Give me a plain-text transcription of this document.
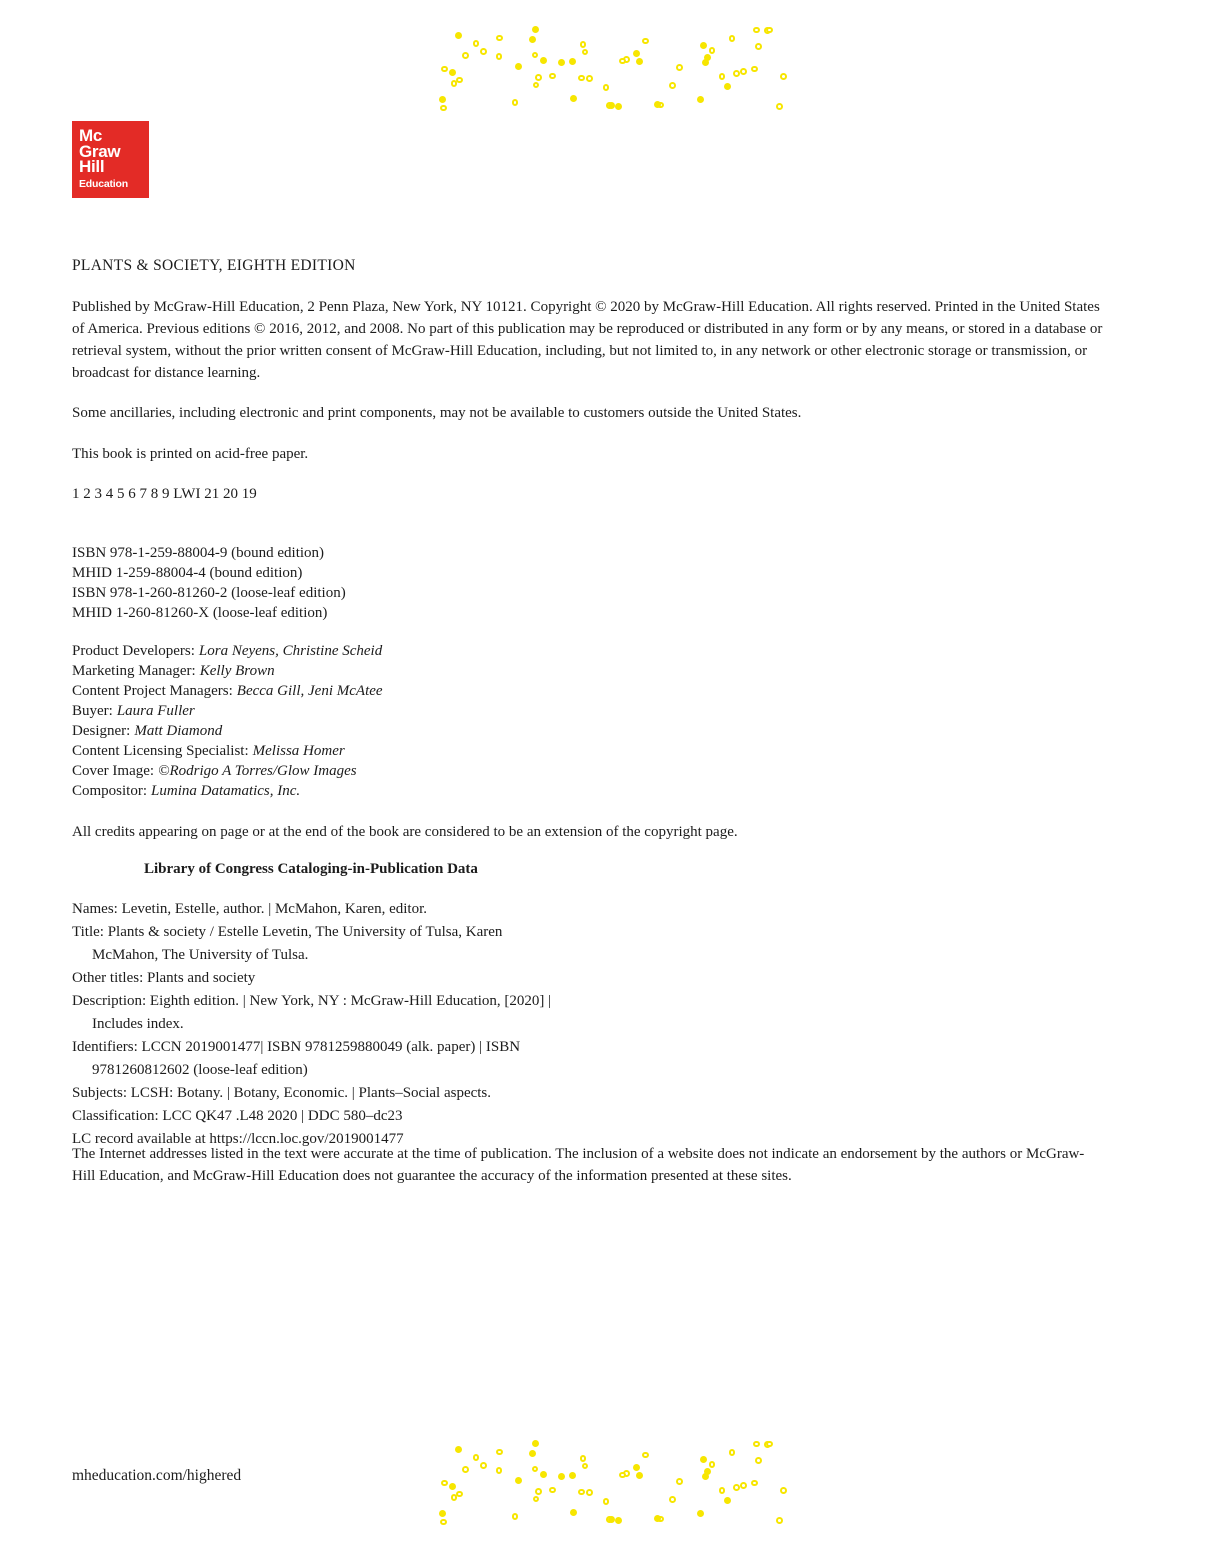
Mc
Graw
Hill
Education
PLANTS & SOCIETY, EIGHTH EDITION
Published by McGraw-Hill Education, 2 Penn Plaza, New York, NY 10121. Copyright © 2020 by McGraw-Hill Education. All rights reserved. Printed in the United States of America. Previous editions © 2016, 2012, and 2008. No part of this publication may be reproduced or distributed in any form or by any means, or stored in a database or retrieval system, without the prior written consent of McGraw-Hill Education, including, but not limited to, in any network or other electronic storage or transmission, or broadcast for distance learning.
Some ancillaries, including electronic and print components, may not be available to customers outside the United States.
This book is printed on acid-free paper.
1 2 3 4 5 6 7 8 9 LWI 21 20 19
ISBN 978-1-259-88004-9 (bound edition)
MHID 1-259-88004-4 (bound edition)
ISBN 978-1-260-81260-2 (loose-leaf edition)
MHID 1-260-81260-X (loose-leaf edition)
Product Developers: Lora Neyens, Christine Scheid
Marketing Manager: Kelly Brown
Content Project Managers: Becca Gill, Jeni McAtee
Buyer: Laura Fuller
Designer: Matt Diamond
Content Licensing Specialist: Melissa Homer
Cover Image: ©Rodrigo A Torres/Glow Images
Compositor: Lumina Datamatics, Inc.
All credits appearing on page or at the end of the book are considered to be an extension of the copyright page.
Library of Congress Cataloging-in-Publication Data
Names: Levetin, Estelle, author. | McMahon, Karen, editor.
Title: Plants & society / Estelle Levetin, The University of Tulsa, Karen
McMahon, The University of Tulsa.
Other titles: Plants and society
Description: Eighth edition. | New York, NY : McGraw-Hill Education, [2020] |
Includes index.
Identifiers: LCCN 2019001477| ISBN 9781259880049 (alk. paper) | ISBN
9781260812602 (loose-leaf edition)
Subjects: LCSH: Botany. | Botany, Economic. | Plants–Social aspects.
Classification: LCC QK47 .L48 2020 | DDC 580–dc23
LC record available at https://lccn.loc.gov/2019001477
The Internet addresses listed in the text were accurate at the time of publication. The inclusion of a website does not indicate an endorsement by the authors or McGraw-Hill Education, and McGraw-Hill Education does not guarantee the accuracy of the information presented at these sites.
mheducation.com/highered
